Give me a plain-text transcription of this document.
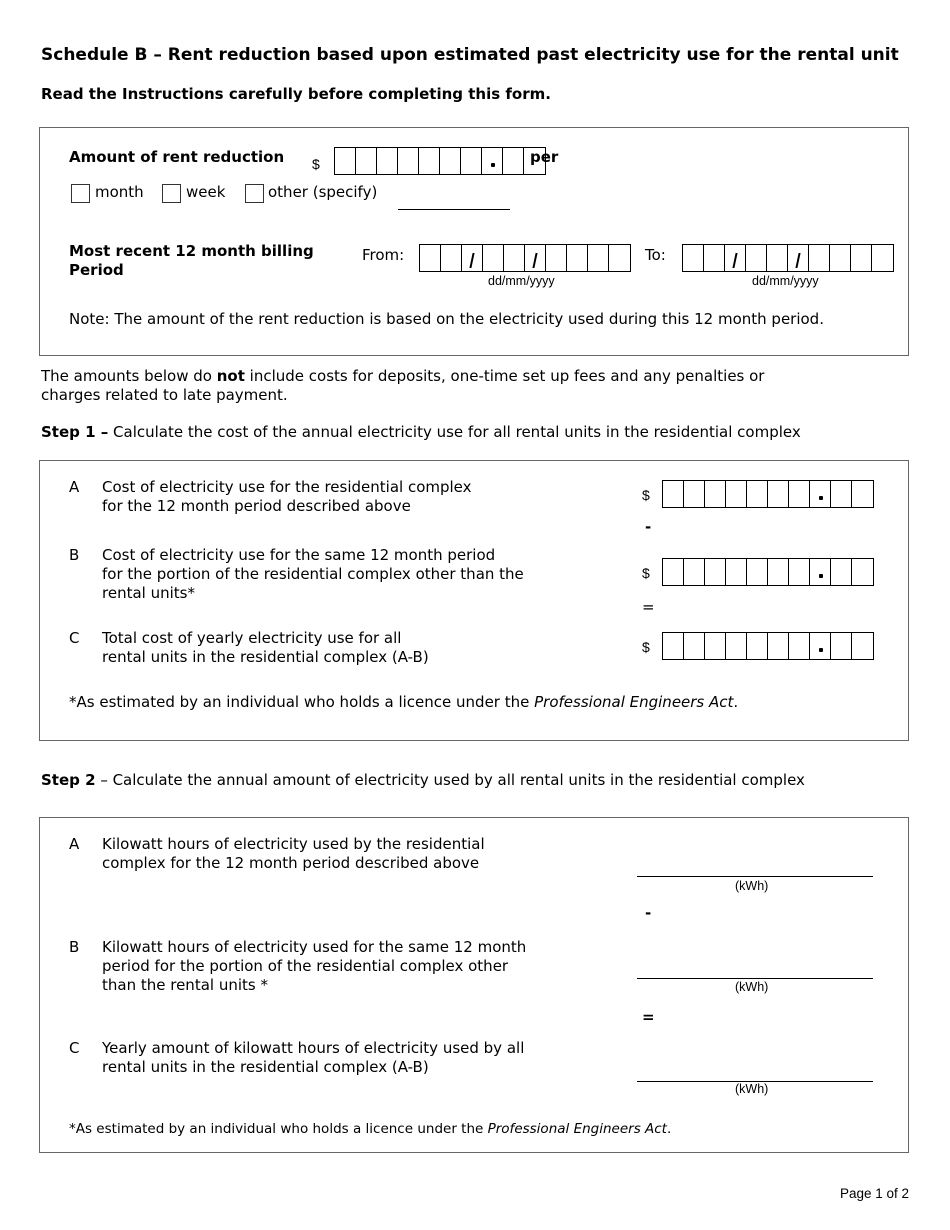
Schedule B – Rent reduction based upon estimated past electricity use for the rental unit
Read the Instructions carefully before completing this form.
Amount of rent reduction $	per
month	week	other (specify)
Most recent 12 month billing
Period
From:
dd/mm/yyyy
To:
dd/mm/yyyy
Note: The amount of the rent reduction is based on the electricity used during this 12 month period.
The amounts below do not include costs for deposits, one-time set up fees and any penalties or charges related to late payment.
Step 1 – Calculate the cost of the annual electricity use for all rental units in the residential complex
A Cost of electricity use for the residential complex
for the 12 month period described above
$
-
B Cost of electricity use for the same 12 month period
for the portion of the residential complex other than the
rental units*
$
=
C Total cost of yearly electricity use for all
rental units in the residential complex (A-B)
$
*As estimated by an individual who holds a licence under the Professional Engineers Act.
Step 2 – Calculate the annual amount of electricity used by all rental units in the residential complex
A Kilowatt hours of electricity used by the residential
complex for the 12 month period described above
(kWh)
-
B Kilowatt hours of electricity used for the same 12 month
period for the portion of the residential complex other
than the rental units *	(kWh)
=
C Yearly amount of kilowatt hours of electricity used by all
rental units in the residential complex (A-B)
(kWh)
*As estimated by an individual who holds a licence under the Professional Engineers Act.
Page 1 of 2
